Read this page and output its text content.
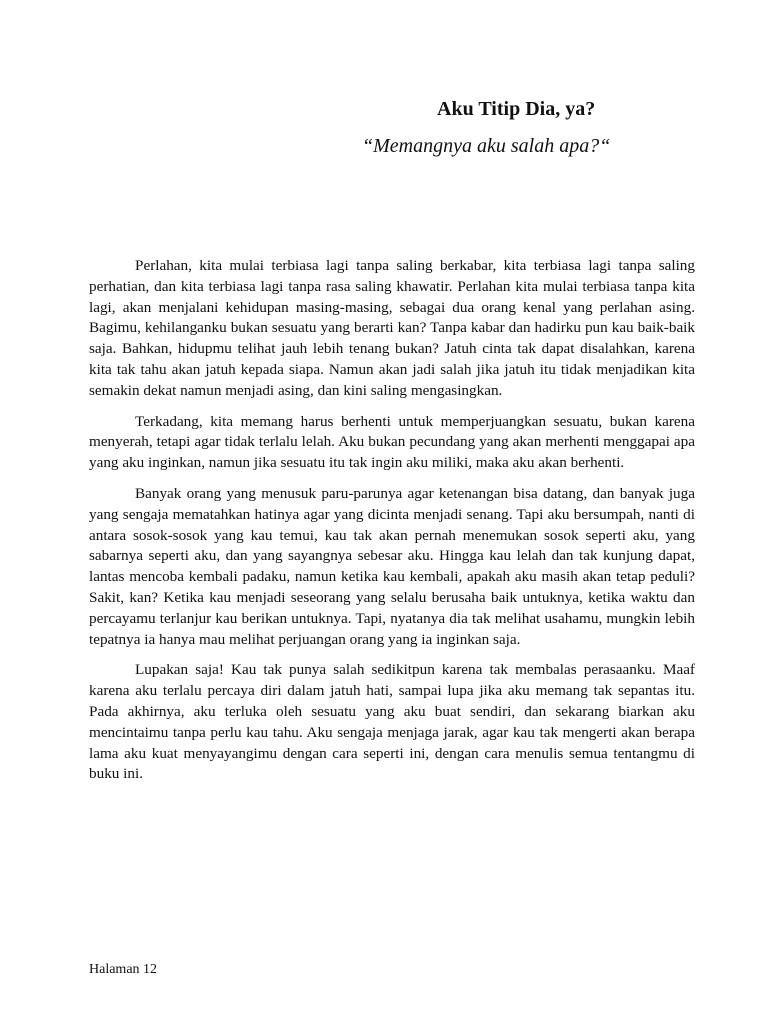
Aku Titip Dia, ya?

“Memangnya aku salah apa?“

Perlahan, kita mulai terbiasa lagi tanpa saling berkabar, kita terbiasa lagi tanpa saling perhatian, dan kita terbiasa lagi tanpa rasa saling khawatir. Perlahan kita mulai terbiasa tanpa kita lagi, akan menjalani kehidupan masing-masing, sebagai dua orang kenal yang perlahan asing. Bagimu, kehilanganku bukan sesuatu yang berarti kan? Tanpa kabar dan hadirku pun kau baik-baik saja. Bahkan, hidupmu telihat jauh lebih tenang bukan? Jatuh cinta tak dapat disalahkan, karena kita tak tahu akan jatuh kepada siapa. Namun akan jadi salah jika jatuh itu tidak menjadikan kita semakin dekat namun menjadi asing, dan kini saling mengasingkan.

Terkadang, kita memang harus berhenti untuk memperjuangkan sesuatu, bukan karena menyerah, tetapi agar tidak terlalu lelah. Aku bukan pecundang yang akan merhenti menggapai apa yang aku inginkan, namun jika sesuatu itu tak ingin aku miliki, maka aku akan berhenti.

Banyak orang yang menusuk paru-parunya agar ketenangan bisa datang, dan banyak juga yang sengaja mematahkan hatinya agar yang dicinta menjadi senang. Tapi aku bersumpah, nanti di antara sosok-sosok yang kau temui, kau tak akan pernah menemukan sosok seperti aku, yang sabarnya seperti aku, dan yang sayangnya sebesar aku. Hingga kau lelah dan tak kunjung dapat, lantas mencoba kembali padaku, namun ketika kau kembali, apakah aku masih akan tetap peduli? Sakit, kan? Ketika kau menjadi seseorang yang selalu berusaha baik untuknya, ketika waktu dan percayamu terlanjur kau berikan untuknya. Tapi, nyatanya dia tak melihat usahamu, mungkin lebih tepatnya ia hanya mau melihat perjuangan orang yang ia inginkan saja.

Lupakan saja! Kau tak punya salah sedikitpun karena tak membalas perasaanku. Maaf karena aku terlalu percaya diri dalam jatuh hati, sampai lupa jika aku memang tak sepantas itu. Pada akhirnya, aku terluka oleh sesuatu yang aku buat sendiri, dan sekarang biarkan aku mencintaimu tanpa perlu kau tahu. Aku sengaja menjaga jarak, agar kau tak mengerti akan berapa lama aku kuat menyayangimu dengan cara seperti ini, dengan cara menulis semua tentangmu di buku ini.

Halaman 12
